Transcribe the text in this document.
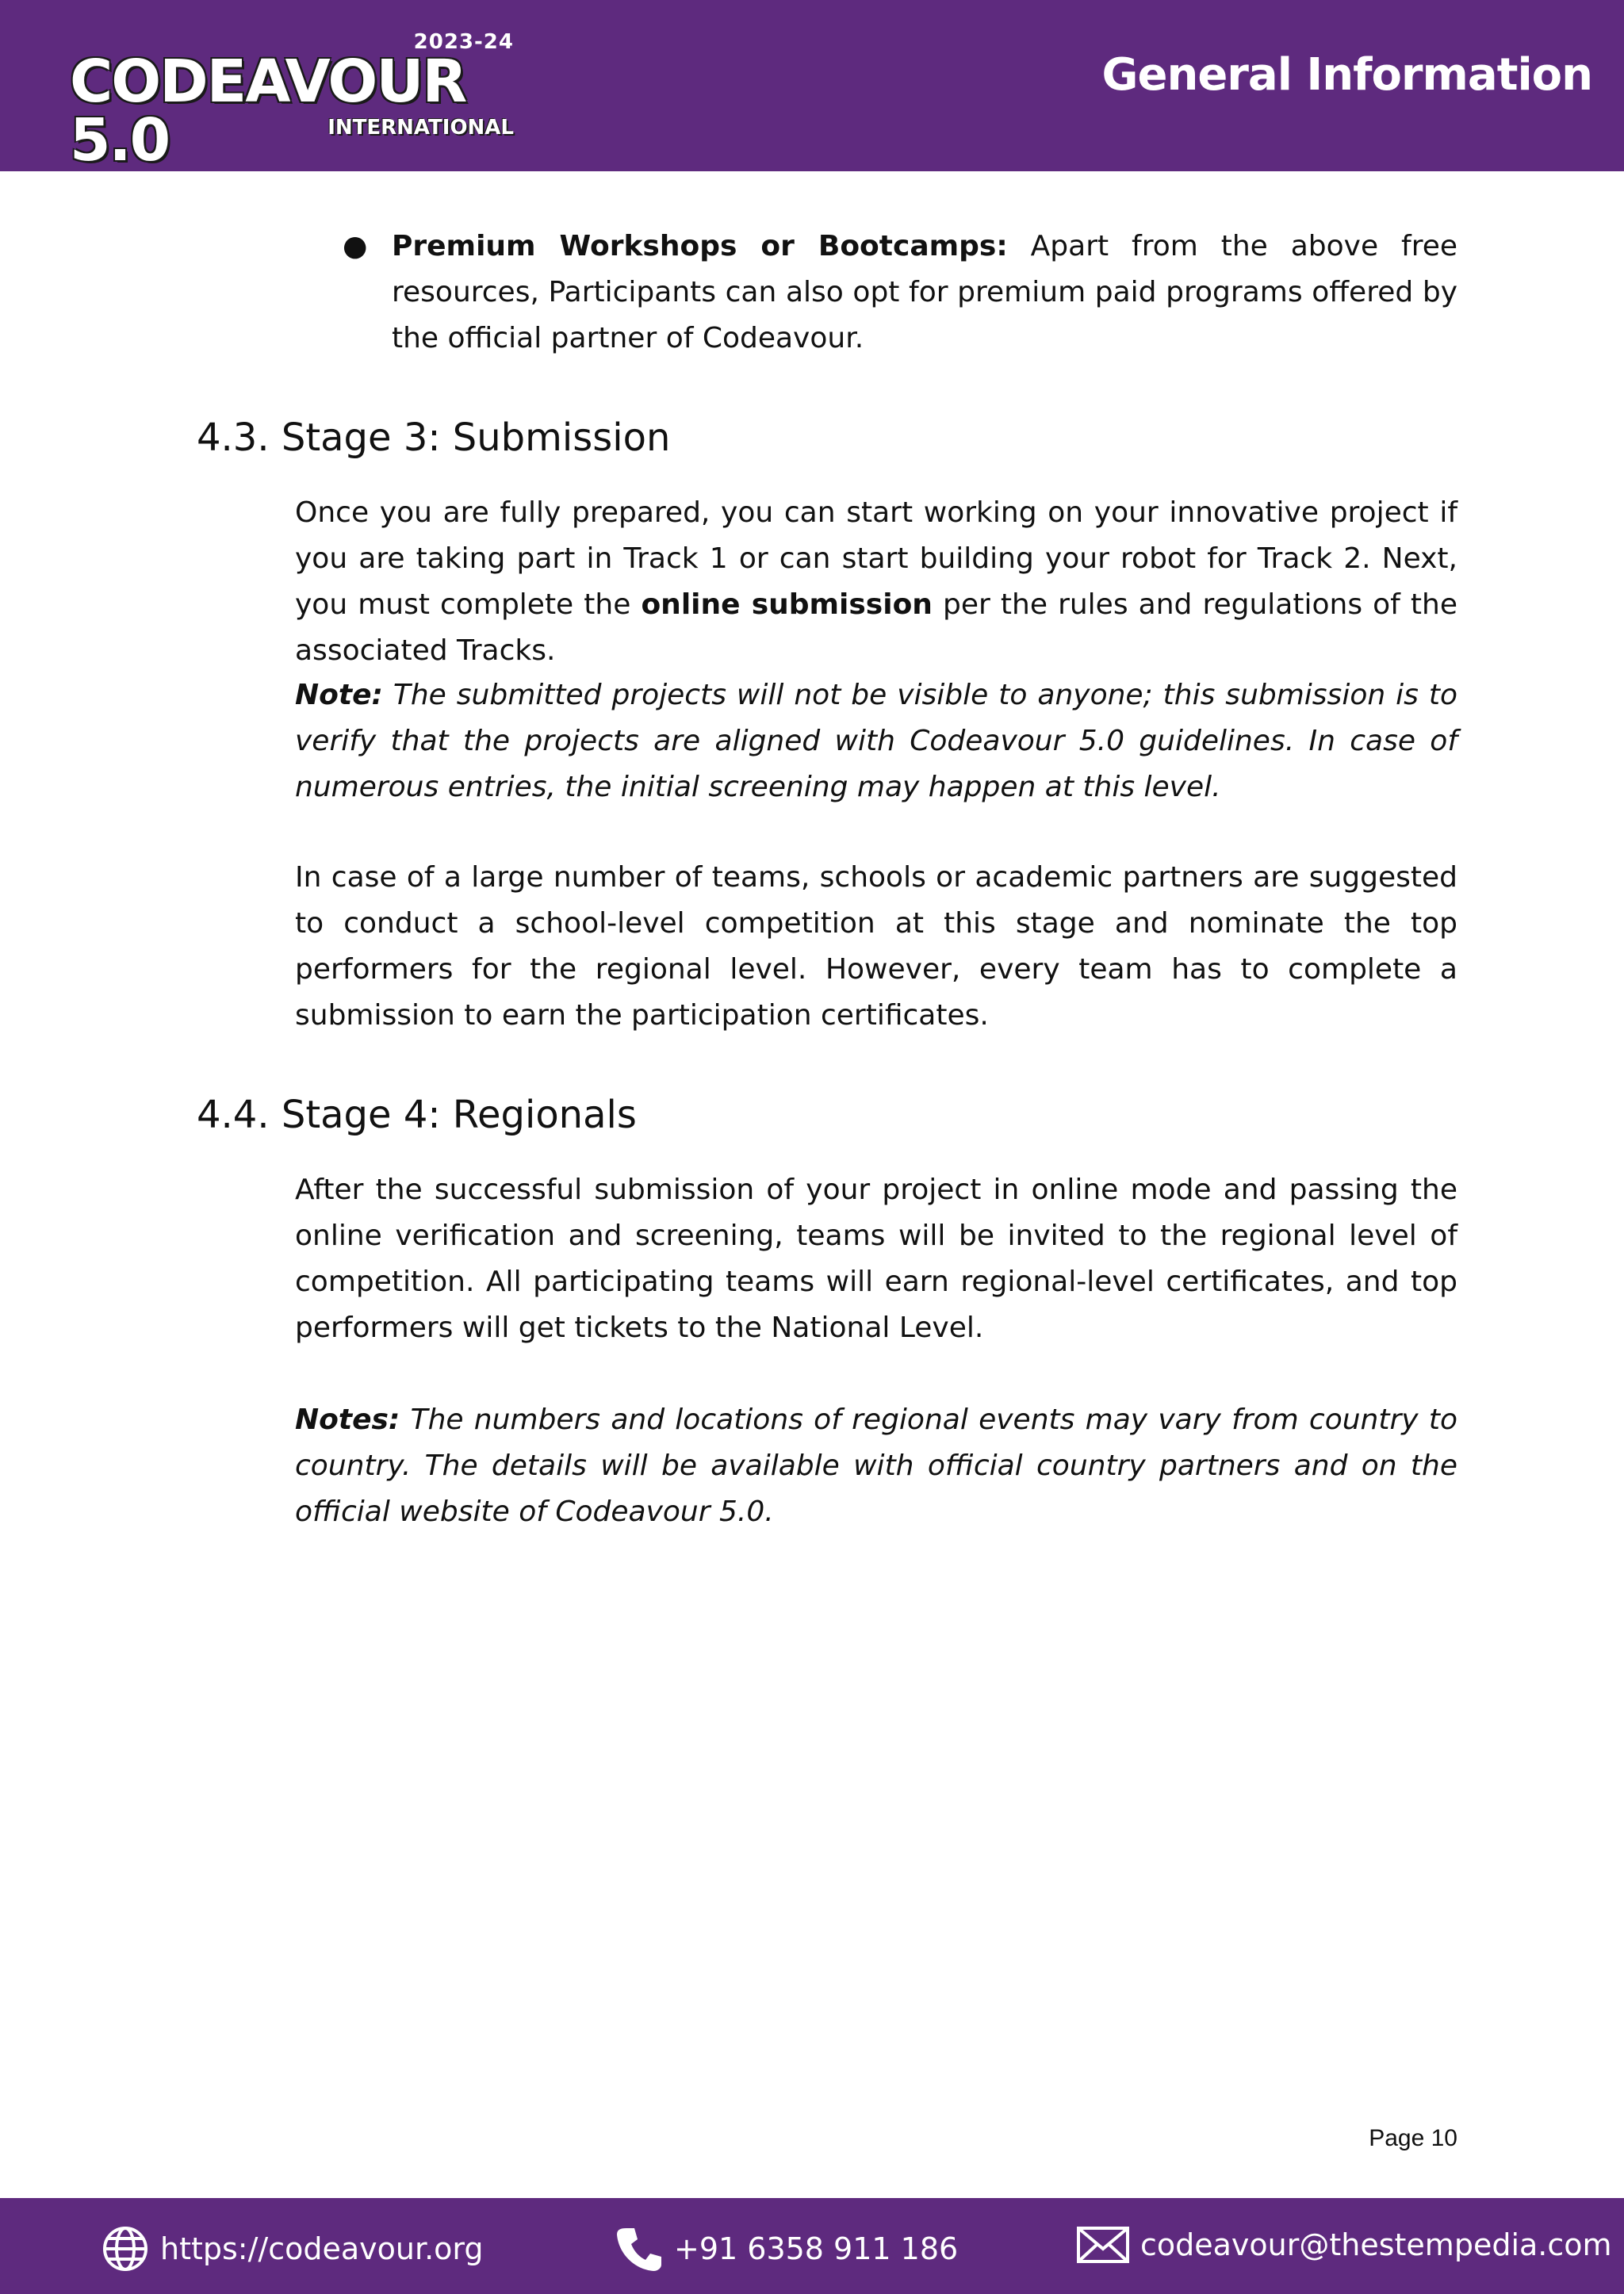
2023-24
CODEAVOUR 5.0	INTERNATIONAL
General Information
● Premium Workshops or Bootcamps: Apart from the above free resources, Participants can also opt for premium paid programs offered by the official partner of Codeavour.
4.3. Stage 3: Submission
Once you are fully prepared, you can start working on your innovative project if you are taking part in Track 1 or can start building your robot for Track 2. Next, you must complete the online submission per the rules and regulations of the associated Tracks.
Note: The submitted projects will not be visible to anyone; this submission is to verify that the projects are aligned with Codeavour 5.0 guidelines. In case of numerous entries, the initial screening may happen at this level.
In case of a large number of teams, schools or academic partners are suggested to conduct a school-level competition at this stage and nominate the top performers for the regional level. However, every team has to complete a submission to earn the participation certificates.
4.4. Stage 4: Regionals
After the successful submission of your project in online mode and passing the online verification and screening, teams will be invited to the regional level of competition. All participating teams will earn regional-level certificates, and top performers will get tickets to the National Level.
Notes: The numbers and locations of regional events may vary from country to country. The details will be available with official country partners and on the official website of Codeavour 5.0.
Page 10
https://codeavour.org	+91 6358 911 186	codeavour@thestempedia.com
